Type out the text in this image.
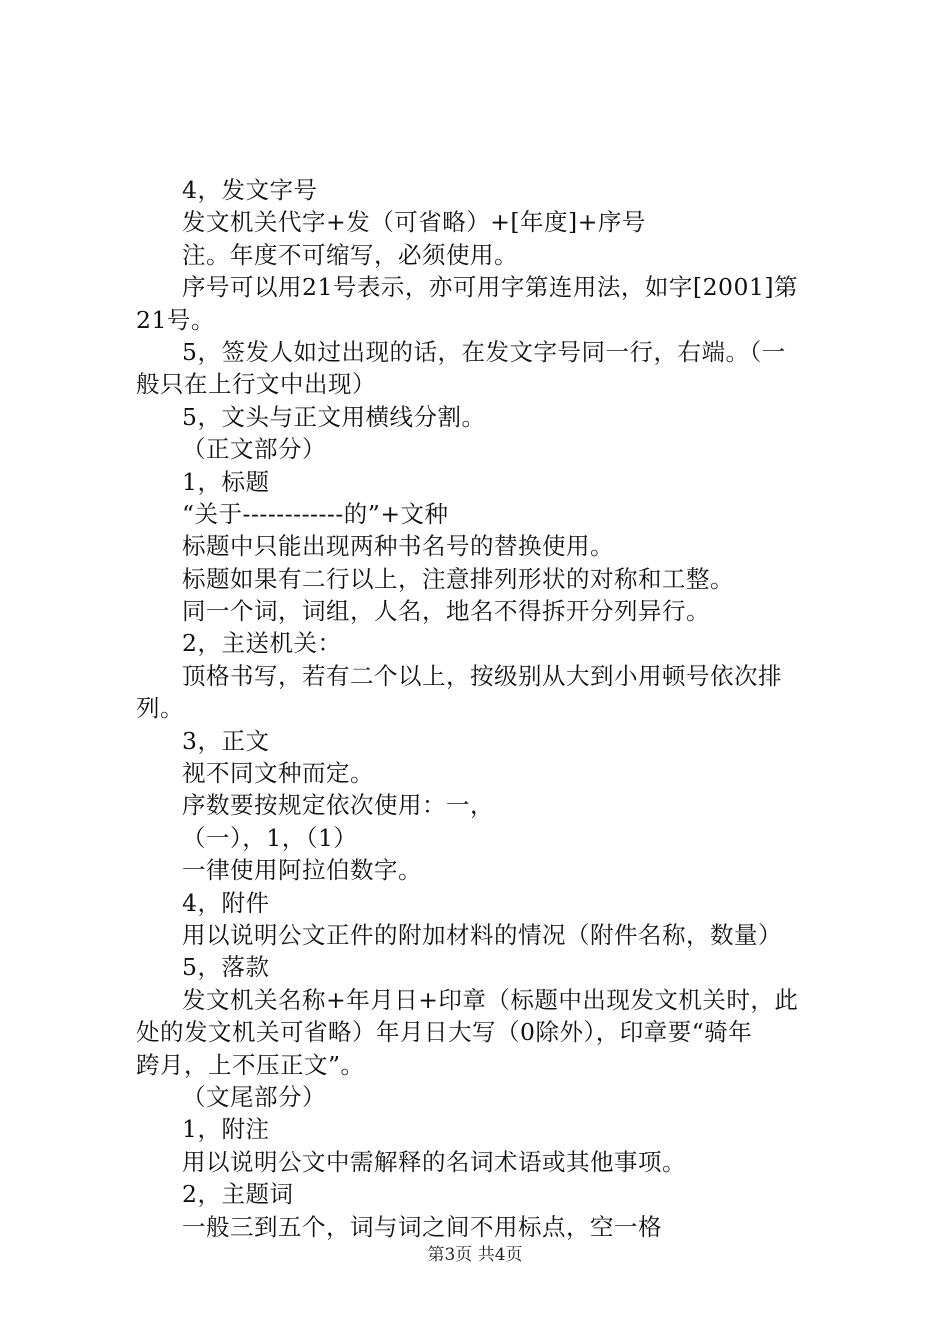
4，发文字号
发文机关代字+发（可省略）+[年度]+序号
注。年度不可缩写，必须使用。
序号可以用21号表示，亦可用字第连用法，如字[2001]第
21号。
5，签发人如过出现的话，在发文字号同一行，右端。（一
般只在上行文中出现）
5，文头与正文用横线分割。
（正文部分）
1，标题
“关于------------的”+文种
标题中只能出现两种书名号的替换使用。
标题如果有二行以上，注意排列形状的对称和工整。
同一个词，词组，人名，地名不得拆开分列异行。
2，主送机关：
顶格书写，若有二个以上，按级别从大到小用顿号依次排
列。
3，正文
视不同文种而定。
序数要按规定依次使用：一，
（一），1，（1）
一律使用阿拉伯数字。
4，附件
用以说明公文正件的附加材料的情况（附件名称，数量）
5，落款
发文机关名称+年月日+印章（标题中出现发文机关时，此
处的发文机关可省略）年月日大写（0除外），印章要“骑年
跨月，上不压正文”。
（文尾部分）
1，附注
用以说明公文中需解释的名词术语或其他事项。
2，主题词
一般三到五个，词与词之间不用标点，空一格
第3页 共4页
